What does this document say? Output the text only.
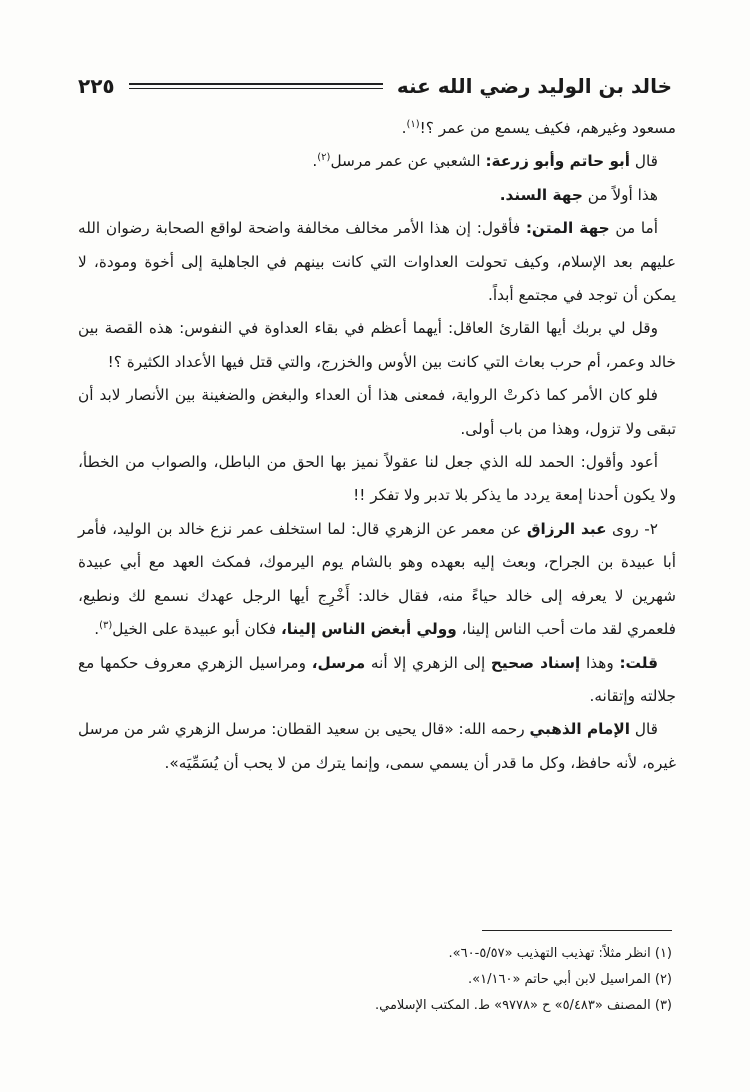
خالد بن الوليد رضي الله عنه
٢٢٥

مسعود وغيرهم، فكيف يسمع من عمر ؟!$^{(١)}$.

قال أبو حاتم وأبو زرعة: الشعبي عن عمر مرسل$^{(٢)}$.

هذا أولاً من جهة السند.

أما من جهة المتن: فأقول: إن هذا الأمر مخالف مخالفة واضحة لواقع الصحابة رضوان الله عليهم بعد الإسلام، وكيف تحولت العداوات التي كانت بينهم في الجاهلية إلى أخوة ومودة، لا يمكن أن توجد في مجتمع أبداً.

وقل لي بربك أيها القارئ العاقل: أيهما أعظم في بقاء العداوة في النفوس: هذه القصة بين خالد وعمر، أم حرب بعاث التي كانت بين الأوس والخزرج، والتي قتل فيها الأعداد الكثيرة ؟!

فلو كان الأمر كما ذكرتْ الرواية، فمعنى هذا أن العداء والبغض والضغينة بين الأنصار لابد أن تبقى ولا تزول، وهذا من باب أولى.

أعود وأقول: الحمد لله الذي جعل لنا عقولاً نميز بها الحق من الباطل، والصواب من الخطأ، ولا يكون أحدنا إمعة يردد ما يذكر بلا تدبر ولا تفكر !!

٢- روى عبد الرزاق عن معمر عن الزهري قال: لما استخلف عمر نزع خالد بن الوليد، فأمر أبا عبيدة بن الجراح، وبعث إليه بعهده وهو بالشام يوم اليرموك، فمكث العهد مع أبي عبيدة شهرين لا يعرفه إلى خالد حياءً منه، فقال خالد: أَخْرِج أيها الرجل عهدك نسمع لك ونطيع، فلعمري لقد مات أحب الناس إلينا، وولي أبغض الناس إلينا، فكان أبو عبيدة على الخيل$^{(٣)}$.

قلت: وهذا إسناد صحيح إلى الزهري إلا أنه مرسل، ومراسيل الزهري معروف حكمها مع جلالته وإتقانه.

قال الإمام الذهبي رحمه الله: «قال يحيى بن سعيد القطان: مرسل الزهري شر من مرسل غيره، لأنه حافظ، وكل ما قدر أن يسمي سمى، وإنما يترك من لا يحب أن يُسَمِّيَه».

(١) انظر مثلاً: تهذيب التهذيب «٥/٥٧-٦٠».
(٢) المراسيل لابن أبي حاتم «١/١٦٠».
(٣) المصنف «٥/٤٨٣» ح «٩٧٧٨» ط. المكتب الإسلامي.
